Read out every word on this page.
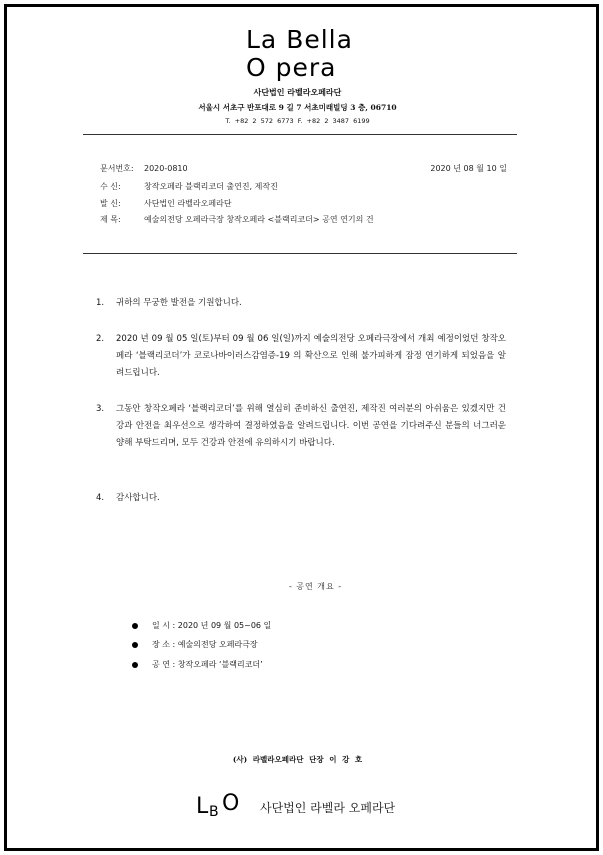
La Bella
O pera
사단법인 라벨라오페라단
서울시 서초구 반포대로 9 길 7 서초미래빌딩 3 층, 06710
T. +82 2 572 6773 F. +82 2 3487 6199
문서번호: 2020-0810	2020 년 08 월 10 일
수 신:	창작오페라 블랙리코더 출연진, 제작진
발 신:	사단법인 라벨라오페라단
제 목:	예술의전당 오페라극장 창작오페라 <블랙리코더> 공연 연기의 건
1. 귀하의 무궁한 발전을 기원합니다.
2. 2020 년 09 월 05 일(토)부터 09 월 06 일(일)까지 예술의전당 오페라극장에서 개최 예정이었던 창작오페라 ‘블랙리코더’가 코로나바이러스감염증-19 의 확산으로 인해 불가피하게 잠정 연기하게 되었음을 알려드립니다.
3. 그동안 창작오페라 ‘블랙리코더’를 위해 열심히 준비하신 출연진, 제작진 여러분의 아쉬움은 있겠지만 건강과 안전을 최우선으로 생각하여 결정하였음을 알려드립니다. 이번 공연을 기다려주신 분들의 너그러운 양해 부탁드리며, 모두 건강과 안전에 유의하시기 바랍니다.
4. 감사합니다.
- 공연 개요 -
일 시 : 2020 년 09 월 05~06 일
장 소 : 예술의전당 오페라극장
공 연 : 창작오페라 ‘블랙리코더’
(사) 라벨라오페라단 단장 이 강 호
L B O 사단법인 라벨라 오페라단
